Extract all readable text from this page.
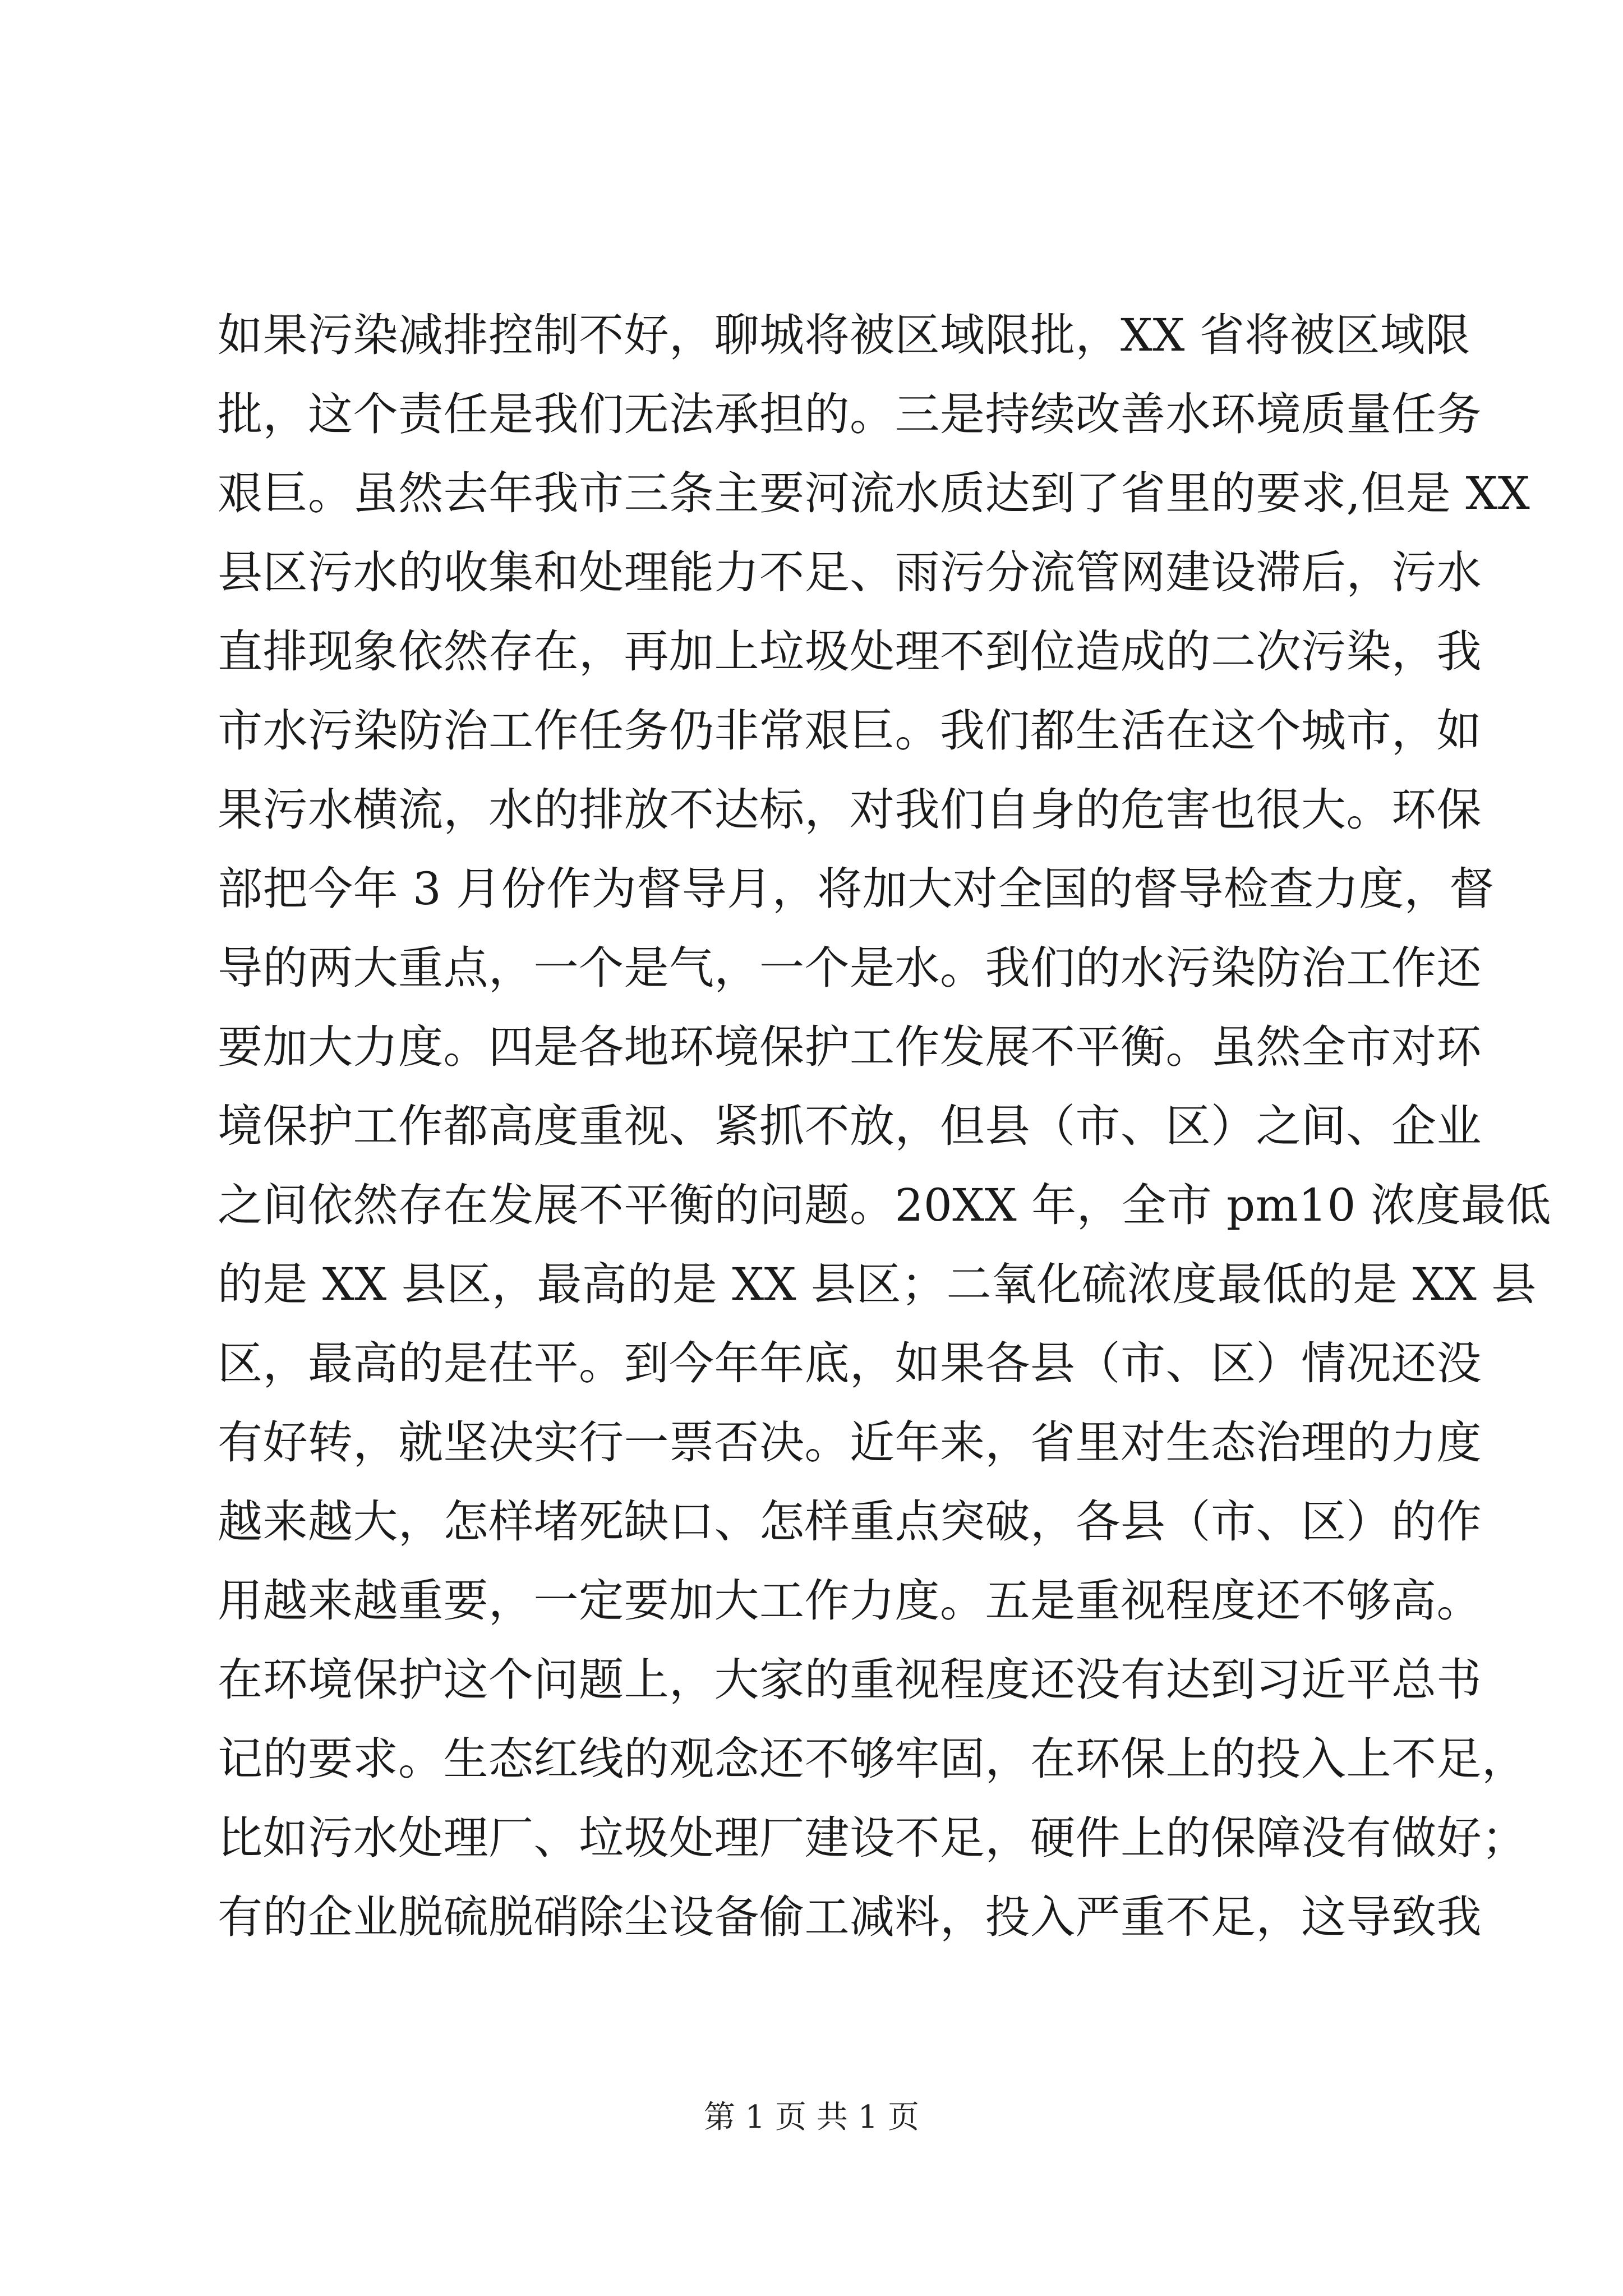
如果污染减排控制不好，聊城将被区域限批，XX 省将被区域限
批，这个责任是我们无法承担的。三是持续改善水环境质量任务
艰巨。虽然去年我市三条主要河流水质达到了省里的要求,但是 XX
县区污水的收集和处理能力不足、雨污分流管网建设滞后，污水
直排现象依然存在，再加上垃圾处理不到位造成的二次污染，我
市水污染防治工作任务仍非常艰巨。我们都生活在这个城市，如
果污水横流，水的排放不达标，对我们自身的危害也很大。环保
部把今年 3 月份作为督导月，将加大对全国的督导检查力度，督
导的两大重点，一个是气，一个是水。我们的水污染防治工作还
要加大力度。四是各地环境保护工作发展不平衡。虽然全市对环
境保护工作都高度重视、紧抓不放，但县（市、区）之间、企业
之间依然存在发展不平衡的问题。20XX 年，全市 pm10 浓度最低
的是 XX 县区，最高的是 XX 县区；二氧化硫浓度最低的是 XX 县
区，最高的是茌平。到今年年底，如果各县（市、区）情况还没
有好转，就坚决实行一票否决。近年来，省里对生态治理的力度
越来越大，怎样堵死缺口、怎样重点突破，各县（市、区）的作
用越来越重要，一定要加大工作力度。五是重视程度还不够高。
在环境保护这个问题上，大家的重视程度还没有达到习近平总书
记的要求。生态红线的观念还不够牢固，在环保上的投入上不足，
比如污水处理厂、垃圾处理厂建设不足，硬件上的保障没有做好；
有的企业脱硫脱硝除尘设备偷工减料，投入严重不足，这导致我
第 1 页 共 1 页
